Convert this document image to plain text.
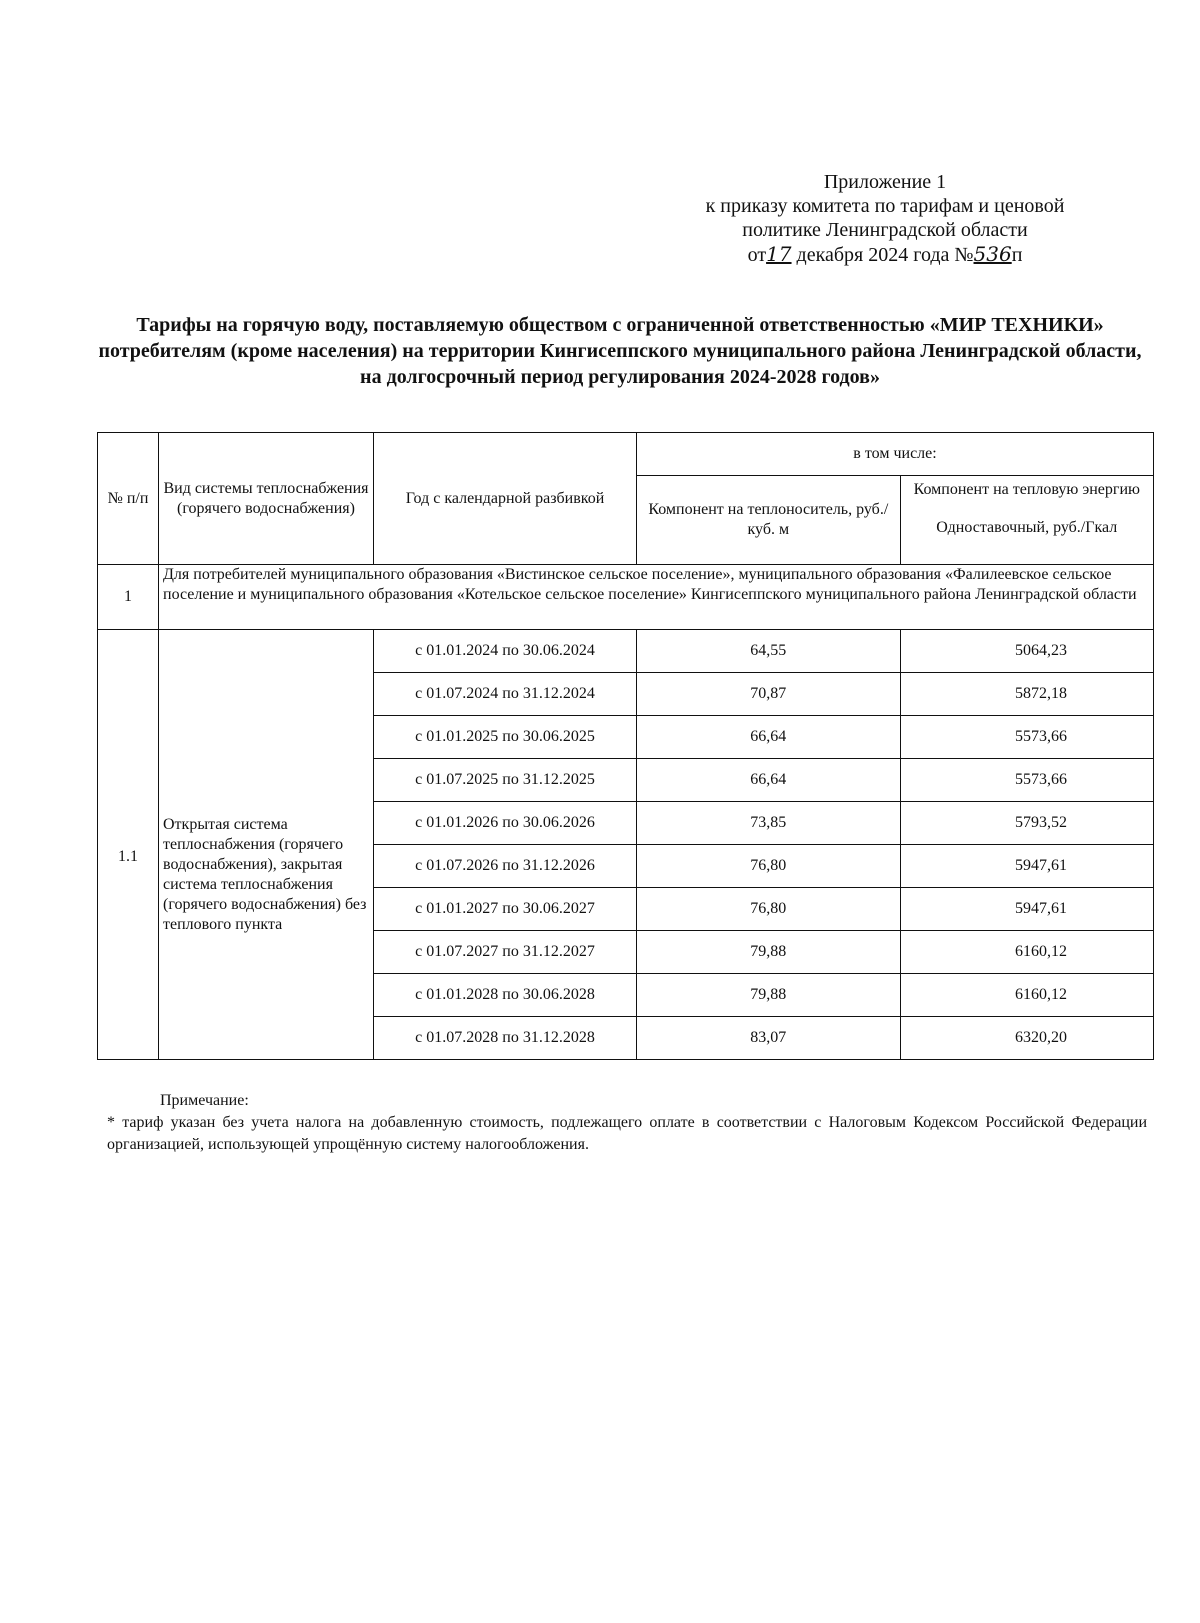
Приложение 1
к приказу комитета по тарифам и ценовой
политике Ленинградской области
от17 декабря 2024 года №536п
Тарифы на горячую воду, поставляемую обществом с ограниченной ответственностью «МИР ТЕХНИКИ» потребителям (кроме населения) на территории Кингисеппского муниципального района Ленинградской области, на долгосрочный период регулирования 2024-2028 годов»
№ п/п	Вид системы теплоснабжения (горячего водоснабжения)	Год с календарной разбивкой	в том числе:	
			Компонент на теплоноситель, руб./куб. м	Компонент на тепловую энергию
Одноставочный, руб./Гкал
1	Для потребителей муниципального образования «Вистинское сельское поселение», муниципального образования «Фалилеевское сельское поселение и муниципального образования «Котельское сельское поселение» Кингисеппского муниципального района Ленинградской области			
1.1	Открытая система теплоснабжения (горячего водоснабжения), закрытая система теплоснабжения (горячего водоснабжения) без теплового пункта	с 01.01.2024 по 30.06.2024	64,55	5064,23
		с 01.07.2024 по 31.12.2024	70,87	5872,18
		с 01.01.2025 по 30.06.2025	66,64	5573,66
		с 01.07.2025 по 31.12.2025	66,64	5573,66
		с 01.01.2026 по 30.06.2026	73,85	5793,52
		с 01.07.2026 по 31.12.2026	76,80	5947,61
		с 01.01.2027 по 30.06.2027	76,80	5947,61
		с 01.07.2027 по 31.12.2027	79,88	6160,12
		с 01.01.2028 по 30.06.2028	79,88	6160,12
		с 01.07.2028 по 31.12.2028	83,07	6320,20
Примечание:
* тариф указан без учета налога на добавленную стоимость, подлежащего оплате в соответствии с Налоговым Кодексом Российской Федерации организацией, использующей упрощённую систему налогообложения.
